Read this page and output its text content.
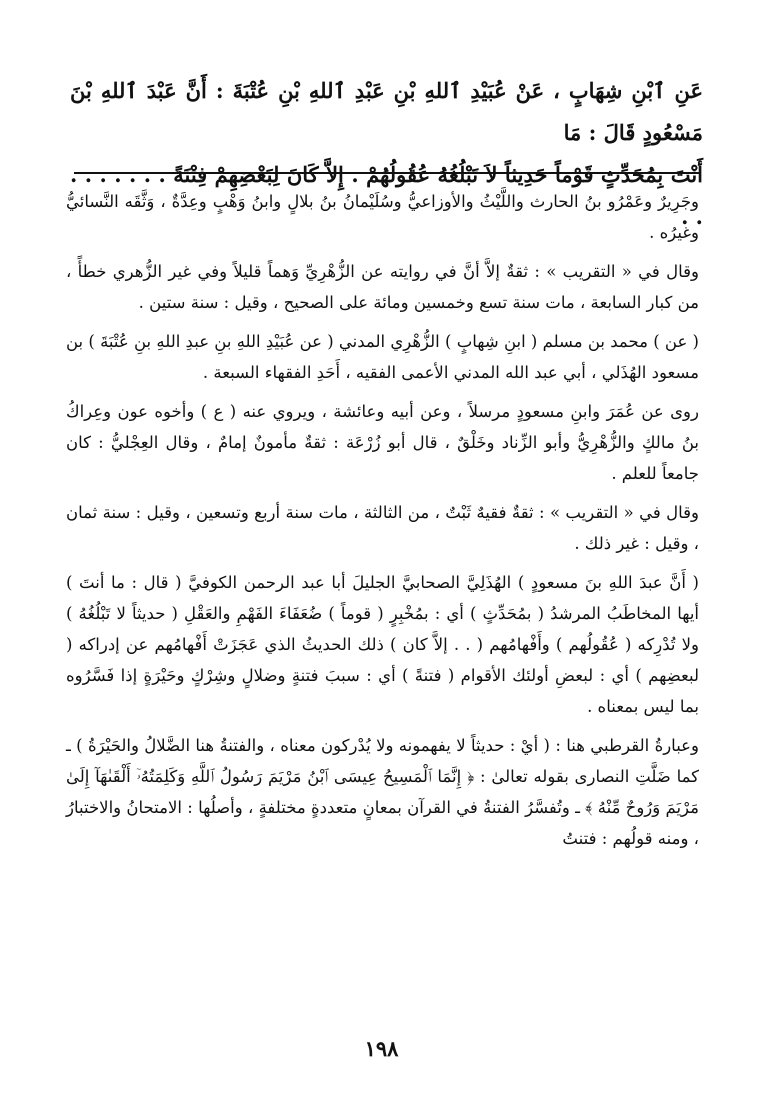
عَنِ ٱبْنِ شِهَابٍ ، عَنْ عُبَيْدِ ٱللهِ بْنِ عَبْدِ ٱللهِ بْنِ عُتْبَةَ : أَنَّ عَبْدَ ٱللهِ بْنَ مَسْعُودٍ قَالَ : مَا
أَنْتَ بِمُحَدِّثٍ قَوْماً حَدِيثاً لاَ تَبْلُغُهُ عُقُولُهُمْ . إِلاَّ كَانَ لِبَعْضِهِمْ فِتْنَةً . . . . . . . . .

وجَرِيرٌ وعَمْرُو بنُ الحارث واللَّيْثُ والأوزاعيُّ وسُلَيْمانُ بنُ بلالٍ وابنُ وَهْبٍ وعِدَّةٌ ، وَثَّقَه النَّسائيُّ وغيرُه .

وقال في « التقريب » : ثقةٌ إلاَّ أنَّ في روايته عن الزُّهْرِيِّ وَهماً قليلاً وفي غير الزُّهري خطأً ، من كبار السابعة ، مات سنة تسع وخمسين ومائة على الصحيح ، وقيل : سنة ستين .

( عن ) محمد بن مسلم ( ابنِ شِهابٍ ) الزُّهْرِي المدني ( عن عُبَيْدِ اللهِ بنِ عبدِ اللهِ بنِ عُتْبَةَ ) بن مسعود الهُذَلي ، أبي عبد الله المدني الأعمى الفقيه ، أَحَدِ الفقهاء السبعة .

روى عن عُمَرَ وابنِ مسعودٍ مرسلاً ، وعن أبيه وعائشة ، ويروي عنه ( ع ) وأخوه عون وعِراكُ بنُ مالكٍ والزُّهْرِيُّ وأبو الزِّناد وخَلْقٌ ، قال أبو زُرْعَة : ثقةٌ مأمونٌ إمامٌ ، وقال العِجْليُّ : كان جامعاً للعلم .

وقال في « التقريب » : ثقةٌ فقيهٌ ثَبْتٌ ، من الثالثة ، مات سنة أربع وتسعين ، وقيل : سنة ثمان ، وقيل : غير ذلك .

( أَنَّ عبدَ اللهِ بنَ مسعودٍ ) الهُذَلِيَّ الصحابيَّ الجليلَ أبا عبد الرحمن الكوفيَّ ( قال : ما أنتَ ) أيها المخاطَبُ المرشدُ ( بمُحَدِّثٍ ) أي : بمُخْبِرٍ ( قوماً ) ضُعَفَاءَ الفَهْمِ والعَقْلِ ( حديثاً لا تَبْلُغُهُ ) ولا تُدْرِكه ( عُقُولُهم ) وأَفْهامُهم ( . . إلاَّ كان ) ذلك الحديثُ الذي عَجَزَتْ أَفْهامُهم عن إدراكه ( لبعضِهم ) أي : لبعضِ أولئك الأقوام ( فتنةً ) أي : سببَ فتنةٍ وضلالٍ وشِرْكٍ وحَيْرَةٍ إذا فَسَّرُوه بما ليس بمعناه .

وعبارةُ القرطبي هنا : ( أيْ : حديثاً لا يفهمونه ولا يُدْركون معناه ، والفتنةُ هنا الضَّلالُ والحَيْرَةُ ) ـ كما ضَلَّتِ النصارى بقوله تعالىٰ : ﴿ إِنَّمَا ٱلْمَسِيحُ عِيسَى ٱبْنُ مَرْيَمَ رَسُولُ ٱللَّهِ وَكَلِمَتُهُۥٓ أَلْقَىٰهَآ إِلَىٰ مَرْيَمَ وَرُوحٌ مِّنْهُ ﴾ ـ وتُفسَّرُ الفتنةُ في القرآن بمعانٍ متعددةٍ مختلفةٍ ، وأصلُها : الامتحانُ والاختبارُ ، ومنه قولُهم : فتنتُ

١٩٨
